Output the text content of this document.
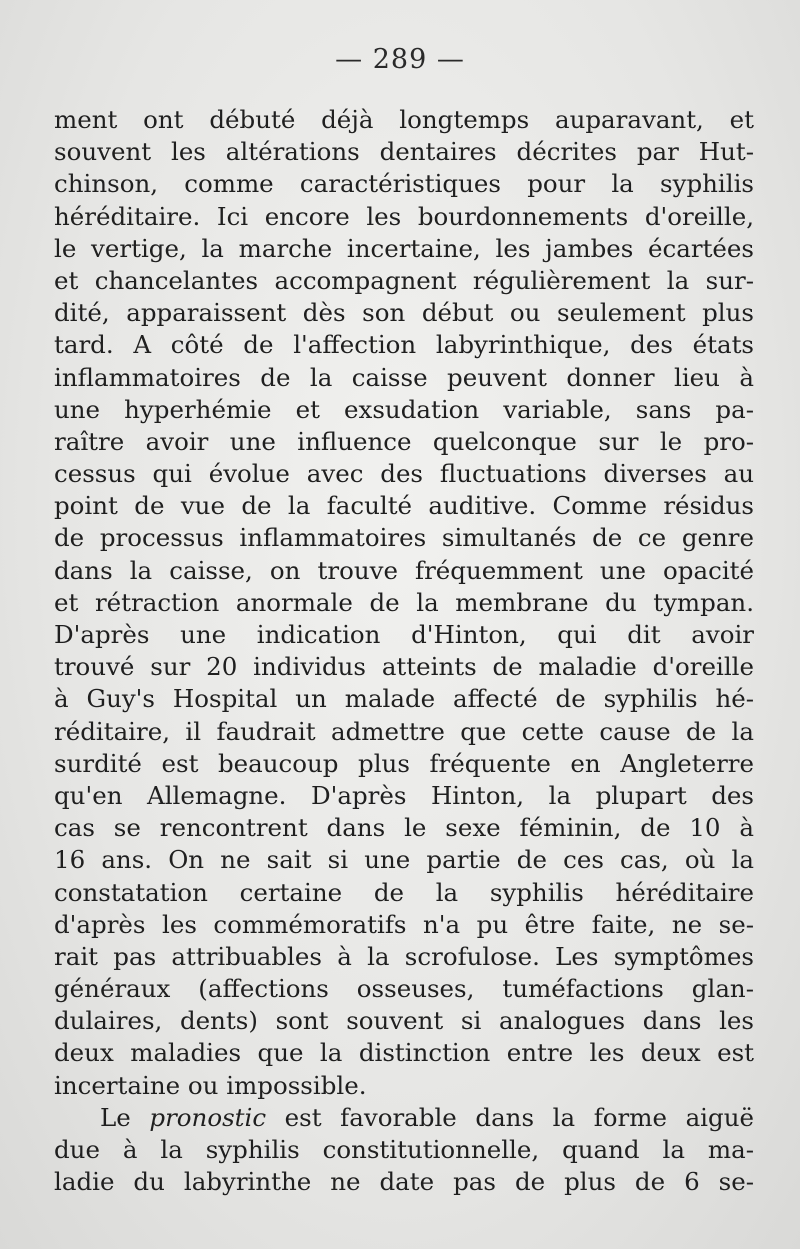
— 289 —
ment ont débuté déjà longtemps auparavant, et
souvent les altérations dentaires décrites par Hut-
chinson, comme caractéristiques pour la syphilis
héréditaire. Ici encore les bourdonnements d'oreille,
le vertige, la marche incertaine, les jambes écartées
et chancelantes accompagnent régulièrement la sur-
dité, apparaissent dès son début ou seulement plus
tard. A côté de l'affection labyrinthique, des états
inflammatoires de la caisse peuvent donner lieu à
une hyperhémie et exsudation variable, sans pa-
raître avoir une influence quelconque sur le pro-
cessus qui évolue avec des fluctuations diverses au
point de vue de la faculté auditive. Comme résidus
de processus inflammatoires simultanés de ce genre
dans la caisse, on trouve fréquemment une opacité
et rétraction anormale de la membrane du tympan.
D'après une indication d'Hinton, qui dit avoir
trouvé sur 20 individus atteints de maladie d'oreille
à Guy's Hospital un malade affecté de syphilis hé-
réditaire, il faudrait admettre que cette cause de la
surdité est beaucoup plus fréquente en Angleterre
qu'en Allemagne. D'après Hinton, la plupart des
cas se rencontrent dans le sexe féminin, de 10 à
16 ans. On ne sait si une partie de ces cas, où la
constatation certaine de la syphilis héréditaire
d'après les commémoratifs n'a pu être faite, ne se-
rait pas attribuables à la scrofulose. Les symptômes
généraux (affections osseuses, tuméfactions glan-
dulaires, dents) sont souvent si analogues dans les
deux maladies que la distinction entre les deux est
incertaine ou impossible.
Le pronostic est favorable dans la forme aiguë
due à la syphilis constitutionnelle, quand la ma-
ladie du labyrinthe ne date pas de plus de 6 se-
